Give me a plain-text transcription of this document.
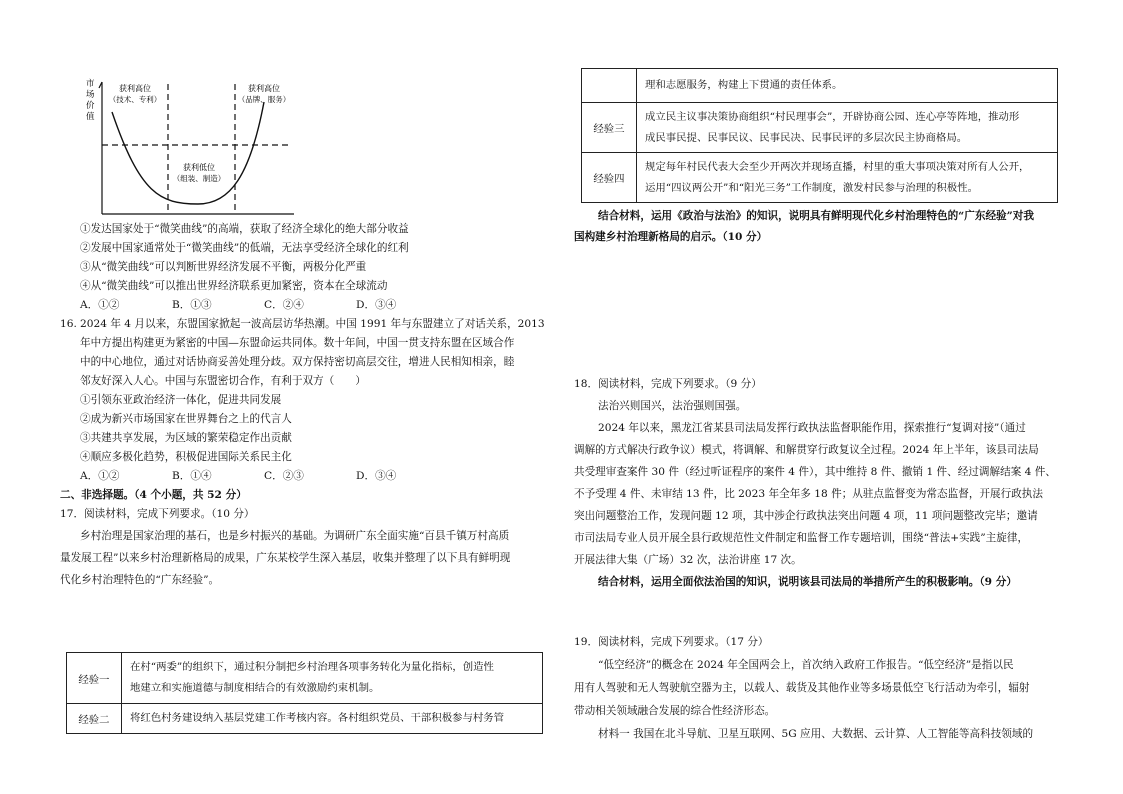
市
场
价
值
获利高位
（技术、专利）
获利高位
（品牌、服务）
获利低位
（组装、制造）
①发达国家处于“微笑曲线”的高端，获取了经济全球化的绝大部分收益
②发展中国家通常处于“微笑曲线”的低端，无法享受经济全球化的红利
③从“微笑曲线”可以判断世界经济发展不平衡，两极分化严重
④从“微笑曲线”可以推出世界经济联系更加紧密，资本在全球流动
A．①②	B．①③	C．②④	D．③④
16. 2024 年 4 月以来，东盟国家掀起一波高层访华热潮。中国 1991 年与东盟建立了对话关系，2013
年中方提出构建更为紧密的中国—东盟命运共同体。数十年间，中国一贯支持东盟在区域合作
中的中心地位，通过对话协商妥善处理分歧。双方保持密切高层交往，增进人民相知相亲，睦
邻友好深入人心。中国与东盟密切合作，有利于双方（　　）
①引领东亚政治经济一体化，促进共同发展
②成为新兴市场国家在世界舞台之上的代言人
③共建共享发展，为区域的繁荣稳定作出贡献
④顺应多极化趋势，积极促进国际关系民主化
A．①②	B．①④	C．②③	D．③④
二、非选择题。（4 个小题，共 52 分）
17．阅读材料，完成下列要求。（10 分）
乡村治理是国家治理的基石，也是乡村振兴的基础。为调研广东全面实施“百县千镇万村高质
量发展工程”以来乡村治理新格局的成果，广东某校学生深入基层，收集并整理了以下具有鲜明现
代化乡村治理特色的“广东经验”。
经验一	在村“两委”的组织下，通过积分制把乡村治理各项事务转化为量化指标，创造性
地建立和实施道德与制度相结合的有效激励约束机制。

经验二	将红色村务建设纳入基层党建工作考核内容。各村组织党员、干部积极参与村务管

	理和志愿服务，构建上下贯通的责任体系。

经验三	成立民主议事决策协商组织“村民理事会”，开辟协商公园、连心亭等阵地，推动形
成民事民提、民事民议、民事民决、民事民评的多层次民主协商格局。

经验四	规定每年村民代表大会至少开两次并现场直播，村里的重大事项决策对所有人公开，
运用“四议两公开”和“阳光三务”工作制度，激发村民参与治理的积极性。
结合材料，运用《政治与法治》的知识，说明具有鲜明现代化乡村治理特色的“广东经验”对我
国构建乡村治理新格局的启示。（10 分）
18．阅读材料，完成下列要求。（9 分）
法治兴则国兴，法治强则国强。
2024 年以来，黑龙江省某县司法局发挥行政执法监督职能作用，探索推行“复调对接”（通过
调解的方式解决行政争议）模式，将调解、和解贯穿行政复议全过程。2024 年上半年，该县司法局
共受理审查案件 30 件（经过听证程序的案件 4 件），其中维持 8 件、撤销 1 件、经过调解结案 4 件、
不予受理 4 件、未审结 13 件，比 2023 年全年多 18 件；从驻点监督变为常态监督，开展行政执法
突出问题整治工作，发现问题 12 项，其中涉企行政执法突出问题 4 项，11 项问题整改完毕；邀请
市司法局专业人员开展全县行政规范性文件制定和监督工作专题培训，围绕“普法+实践”主旋律，
开展法律大集（广场）32 次，法治讲座 17 次。
结合材料，运用全面依法治国的知识，说明该县司法局的举措所产生的积极影响。（9 分）
19．阅读材料，完成下列要求。（17 分）
“低空经济”的概念在 2024 年全国两会上，首次纳入政府工作报告。“低空经济”是指以民
用有人驾驶和无人驾驶航空器为主，以载人、载货及其他作业等多场景低空飞行活动为牵引，辐射
带动相关领域融合发展的综合性经济形态。
材料一 我国在北斗导航、卫星互联网、5G 应用、大数据、云计算、人工智能等高科技领域的
